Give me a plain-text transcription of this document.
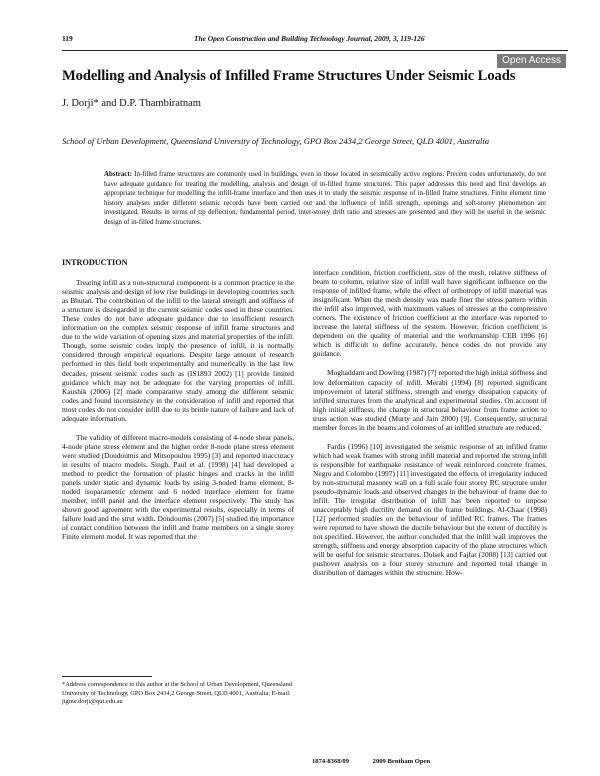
119	The Open Construction and Building Technology Journal, 2009, 3, 119-126
Open Access
Modelling and Analysis of Infilled Frame Structures Under Seismic Loads
J. Dorji* and D.P. Thambiratnam
School of Urban Development, Queensland University of Technology, GPO Box 2434,2 George Street, QLD 4001, Australia
Abstract: In-filled frame structures are commonly used in buildings, even in those located in seismically active regions. Precent codes unfortunately, do not have adequate guidance for treating the modelling, analysis and design of in-filled frame structures. This paper addresses this need and first develops an appropriate technique for modelling the infill-frame interface and then uses it to study the seismic response of in-filled frame structures. Finite element time history analyses under different seismic records have been carried out and the influence of infill strength, openings and soft-storey phenomenon are investigated. Results in terms of tip deflection, fundamental period, inter-storey drift ratio and stresses are presented and they will be useful in the seismic design of in-filled frame structures.
INTRODUCTION

Treating infill as a non-structural component is a common practice in the seismic analysis and design of low rise buildings in developing countries such as Bhutan. The contribution of the infill to the lateral strength and stiffness of a structure is disregarded in the current seismic codes used in these countries. These codes do not have adequate guidance due to insufficient research information on the complex seismic response of infill frame structures and due to the wide variation of opening sizes and material properties of the infill. Though, some seismic codes imply the presence of infill, it is normally considered through empirical equations. Despite large amount of research performed in this field both experimentally and numerically in the last few decades, present seismic codes such as (IS1893 2002) [1] provide limited guidance which may not be adequate for the varying properties of infill. Kaushik (2006) [2] made comparative study among the different seismic codes and found inconsistency in the consideration of infill and reported that most codes do not consider infill due to its brittle nature of failure and lack of adequate information.

The validity of different macro-models consisting of 4-node shear panels, 4-node plane stress element and the higher order 8-node plane stress element were studied (Doudoumis and Mitsopoulou 1995) [3] and reported inaccuracy in results of macro models. Singh, Paul et al. (1998) [4] had developed a method to predict the formation of plastic hinges and cracks in the infill panels under static and dynamic loads by using 3-noded frame element, 8-noded isoparametric element and 6 noded interface element for frame member, infill panel and the interface element respectively. The study has shown good agreement with the experimental results, especially in terms of failure load and the strut width. Doudoumis (2007) [5] studied the importance of contact condition between the infill and frame members on a single storey Finite element model. It was reported that the

interface condition, friction coefficient, size of the mesh, relative stiffness of beam to column, relative size of infill wall have significant influence on the response of infilled frame, while the effect of orthotropy of infill material was insignificant. When the mesh density was made finer the stress pattern within the infill also improved, with maximum values of stresses at the compressive corners. The existence of friction coefficient at the interface was reported to increase the lateral stiffness of the system. However, friction coefficient is dependent on the quality of material and the workmanship CEB 1996 [6] which is difficult to define accurately, hence codes do not provide any guidance.

Moghaddam and Dowling (1987) [7] reported the high initial stiffness and low deformation capacity of infill. Merabi (1994) [8] reported significant improvement of lateral stiffness, strength and energy dissipation capacity of infilled structures from the analytical and experimental studies. On account of high initial stiffness, the change in structural behaviour from frame action to truss action was studied (Murty and Jain 2000) [9]. Consequently, structural member forces in the beams and columns of an infilled structure are reduced.

Fardis (1996) [10] investigated the seismic response of an infilled frame which had weak frames with strong infill material and reported the strong infill is responsible for earthquake resistance of weak reinforced concrete frames. Negro and Colombo (1997) [11] investigated the effects of irregularity induced by non-structural masonry wall on a full scale four storey RC structure under pseudo-dynamic loads and observed changes in the behaviour of frame due to infill. The irregular distribution of infill has been reported to impose unacceptably high ductility demand on the frame buildings. Al-Chaar (1998) [12] performed studies on the behaviour of infilled RC frames. The frames were reported to have shown the ductile behaviour but the extent of ductility is not specified. However, the author concluded that the infill wall improves the strength, stiffness and energy absorption capacity of the plane structures which will be useful for seismic structures. Dolsek and Fajfar (2008) [13] carried out pushover analysis on a four storey structure and reported total change in distribution of damages within the structure. How-

*Address correspondence to this author at the School of Urban Development, Queensland University of Technology, GPO Box 2434,2 George Street, QLD 4001, Australia; E-mail: jigme.dorji@qut.edu.au
1874-8368/09	2009 Bentham Open
